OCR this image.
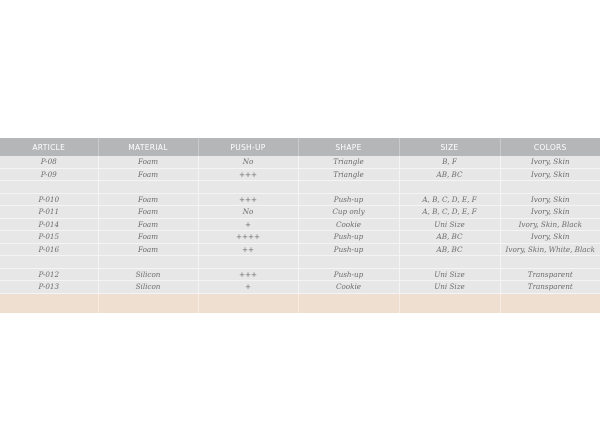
ARTICLE	MATERIAL	PUSH-UP	SHAPE	SIZE	COLORS
P-08	Foam	No	Triangle	B, F	Ivory, Skin
P-09	Foam	+++	Triangle	AB, BC	Ivory, Skin

P-010	Foam	+++	Push-up	A, B, C, D, E, F	Ivory, Skin
P-011	Foam	No	Cup only	A, B, C, D, E, F	Ivory, Skin
P-014	Foam	+	Cookie	Uni Size	Ivory, Skin, Black
P-015	Foam	++++	Push-up	AB, BC	Ivory, Skin
P-016	Foam	++	Push-up	AB, BC	Ivory, Skin, White, Black

P-012	Silicon	+++	Push-up	Uni Size	Transparent
P-013	Silicon	+	Cookie	Uni Size	Transparent
